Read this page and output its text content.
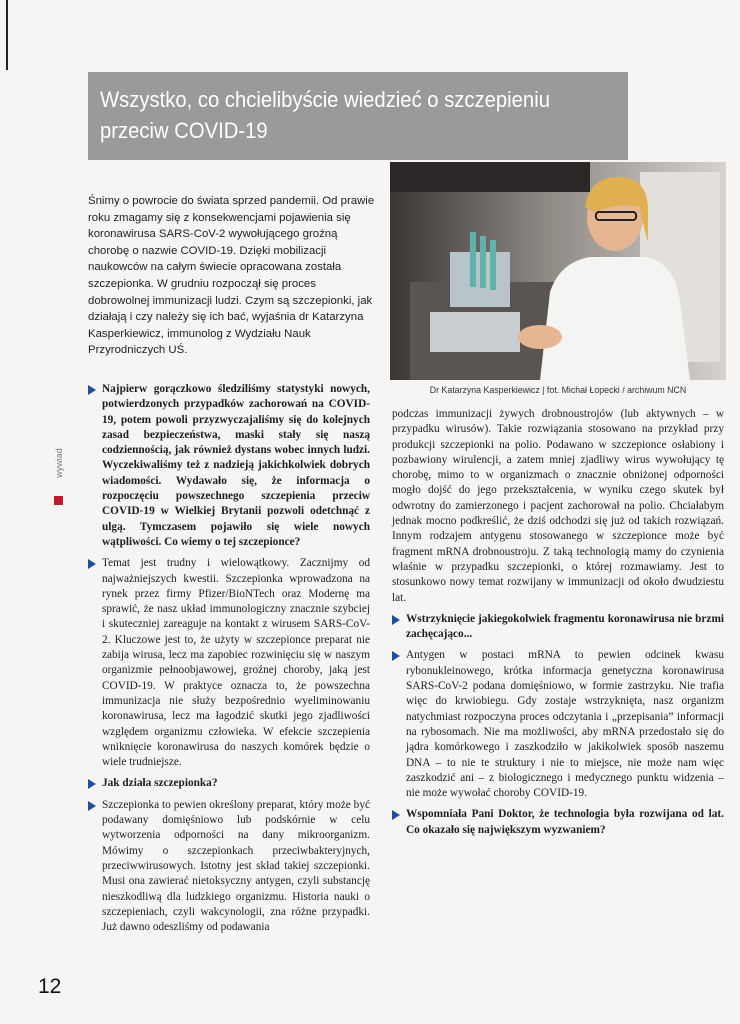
Wszystko, co chcielibyście wiedzieć o szczepieniu przeciw COVID-19

Śnimy o powrocie do świata sprzed pandemii. Od prawie roku zmagamy się z konsekwencjami pojawienia się koronawirusa SARS-CoV-2 wywołującego groźną chorobę o nazwie COVID-19. Dzięki mobilizacji naukowców na całym świecie opracowana została szczepionka. W grudniu rozpoczął się proces dobrowolnej immunizacji ludzi. Czym są szczepionki, jak działają i czy należy się ich bać, wyjaśnia dr Katarzyna Kasperkiewicz, immunolog z Wydziału Nauk Przyrodniczych UŚ.

Dr Katarzyna Kasperkiewicz | fot. Michał Łopecki / archiwum NCN
wywiad

Najpierw gorączkowo śledziliśmy statystyki nowych, potwierdzonych przypadków zachorowań na COVID-19, potem powoli przyzwyczajaliśmy się do kolejnych zasad bezpieczeństwa, maski stały się naszą codziennością, jak również dystans wobec innych ludzi. Wyczekiwaliśmy też z nadzieją jakichkolwiek dobrych wiadomości. Wydawało się, że informacja o rozpoczęciu powszechnego szczepienia przeciw COVID-19 w Wielkiej Brytanii pozwoli odetchnąć z ulgą. Tymczasem pojawiło się wiele nowych wątpliwości. Co wiemy o tej szczepionce?

Temat jest trudny i wielowątkowy. Zacznijmy od najważniejszych kwestii. Szczepionka wprowadzona na rynek przez firmy Pfizer/BioNTech oraz Modernę ma sprawić, że nasz układ immunologiczny znacznie szybciej i skuteczniej zareaguje na kontakt z wirusem SARS-CoV-2. Kluczowe jest to, że użyty w szczepionce preparat nie zabija wirusa, lecz ma zapobiec rozwinięciu się w naszym organizmie pełnoobjawowej, groźnej choroby, jaką jest COVID-19. W praktyce oznacza to, że powszechna immunizacja nie służy bezpośrednio wyeliminowaniu koronawirusa, lecz ma łagodzić skutki jego zjadliwości względem organizmu człowieka. W efekcie szczepienia wniknięcie koronawirusa do naszych komórek będzie o wiele trudniejsze.

Jak działa szczepionka?

Szczepionka to pewien określony preparat, który może być podawany domięśniowo lub podskórnie w celu wytworzenia odporności na dany mikroorganizm. Mówimy o szczepionkach przeciwbakteryjnych, przeciwwirusowych. Istotny jest skład takiej szczepionki. Musi ona zawierać nietoksyczny antygen, czyli substancję nieszkodliwą dla ludzkiego organizmu. Historia nauki o szczepieniach, czyli wakcynologii, zna różne przypadki. Już dawno odeszliśmy od podawania

podczas immunizacji żywych drobnoustrojów (lub aktywnych – w przypadku wirusów). Takie rozwiązania stosowano na przykład przy produkcji szczepionki na polio. Podawano w szczepionce osłabiony i pozbawiony wirulencji, a zatem mniej zjadliwy wirus wywołujący tę chorobę, mimo to w organizmach o znacznie obniżonej odporności mogło dojść do jego przekształcenia, w wyniku czego skutek był odwrotny do zamierzonego i pacjent zachorował na polio. Chciałabym jednak mocno podkreślić, że dziś odchodzi się już od takich rozwiązań. Innym rodzajem antygenu stosowanego w szczepionce może być fragment mRNA drobnoustroju. Z taką technologią mamy do czynienia właśnie w przypadku szczepionki, o której rozmawiamy. Jest to stosunkowo nowy temat rozwijany w immunizacji od około dwudziestu lat.

Wstrzyknięcie jakiegokolwiek fragmentu koronawirusa nie brzmi zachęcająco...

Antygen w postaci mRNA to pewien odcinek kwasu rybonukleinowego, krótka informacja genetyczna koronawirusa SARS-CoV-2 podana domięśniowo, w formie zastrzyku. Nie trafia więc do krwiobiegu. Gdy zostaje wstrzyknięta, nasz organizm natychmiast rozpoczyna proces odczytania i „przepisania” informacji na rybosomach. Nie ma możliwości, aby mRNA przedostało się do jądra komórkowego i zaszkodziło w jakikolwiek sposób naszemu DNA – to nie te struktury i nie to miejsce, nie może nam więc zaszkodzić ani – z biologicznego i medycznego punktu widzenia – nie może wywołać choroby COVID-19.

Wspomniała Pani Doktor, że technologia była rozwijana od lat. Co okazało się największym wyzwaniem?

12
